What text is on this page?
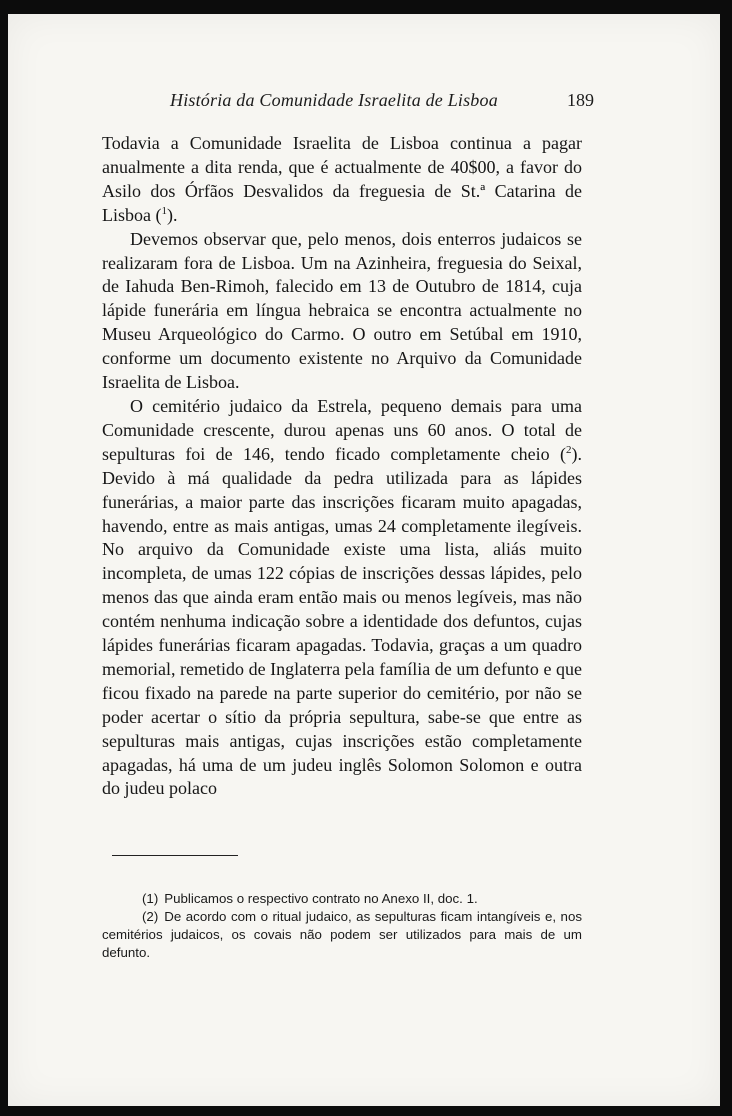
História da Comunidade Israelita de Lisboa	189

Todavia a Comunidade Israelita de Lisboa continua a pagar anualmente a dita renda, que é actualmente de 40$00, a favor do Asilo dos Órfãos Desvalidos da freguesia de St.ª Catarina de Lisboa ($^1$).

Devemos observar que, pelo menos, dois enterros judaicos se realizaram fora de Lisboa. Um na Azinheira, freguesia do Seixal, de Iahuda Ben-Rimoh, falecido em 13 de Outubro de 1814, cuja lápide funerária em língua hebraica se encontra actualmente no Museu Arqueológico do Carmo. O outro em Setúbal em 1910, conforme um documento existente no Arquivo da Comunidade Israelita de Lisboa.

O cemitério judaico da Estrela, pequeno demais para uma Comunidade crescente, durou apenas uns 60 anos. O total de sepulturas foi de 146, tendo ficado completamente cheio ($^2$). Devido à má qualidade da pedra utilizada para as lápides funerárias, a maior parte das inscrições ficaram muito apagadas, havendo, entre as mais antigas, umas 24 completamente ilegíveis. No arquivo da Comunidade existe uma lista, aliás muito incompleta, de umas 122 cópias de inscrições dessas lápides, pelo menos das que ainda eram então mais ou menos legíveis, mas não contém nenhuma indicação sobre a identidade dos defuntos, cujas lápides funerárias ficaram apagadas. Todavia, graças a um quadro memorial, remetido de Inglaterra pela família de um defunto e que ficou fixado na parede na parte superior do cemitério, por não se poder acertar o sítio da própria sepultura, sabe-se que entre as sepulturas mais antigas, cujas inscrições estão completamente apagadas, há uma de um judeu inglês Solomon Solomon e outra do judeu polaco

(1) Publicamos o respectivo contrato no Anexo II, doc. 1.

(2) De acordo com o ritual judaico, as sepulturas ficam intangíveis e, nos cemitérios judaicos, os covais não podem ser utilizados para mais de um defunto.
